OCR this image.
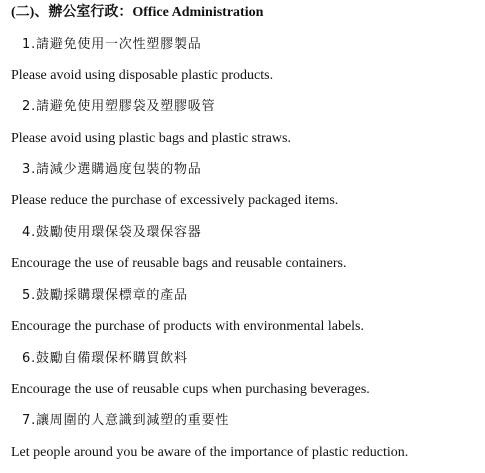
(二)、辦公室行政：Office Administration
1.請避免使用一次性塑膠製品
Please avoid using disposable plastic products.
2.請避免使用塑膠袋及塑膠吸管
Please avoid using plastic bags and plastic straws.
3.請減少選購過度包裝的物品
Please reduce the purchase of excessively packaged items.
4.鼓勵使用環保袋及環保容器
Encourage the use of reusable bags and reusable containers.
5.鼓勵採購環保標章的產品
Encourage the purchase of products with environmental labels.
6.鼓勵自備環保杯購買飲料
Encourage the use of reusable cups when purchasing beverages.
7.讓周圍的人意識到減塑的重要性
Let people around you be aware of the importance of plastic reduction.
